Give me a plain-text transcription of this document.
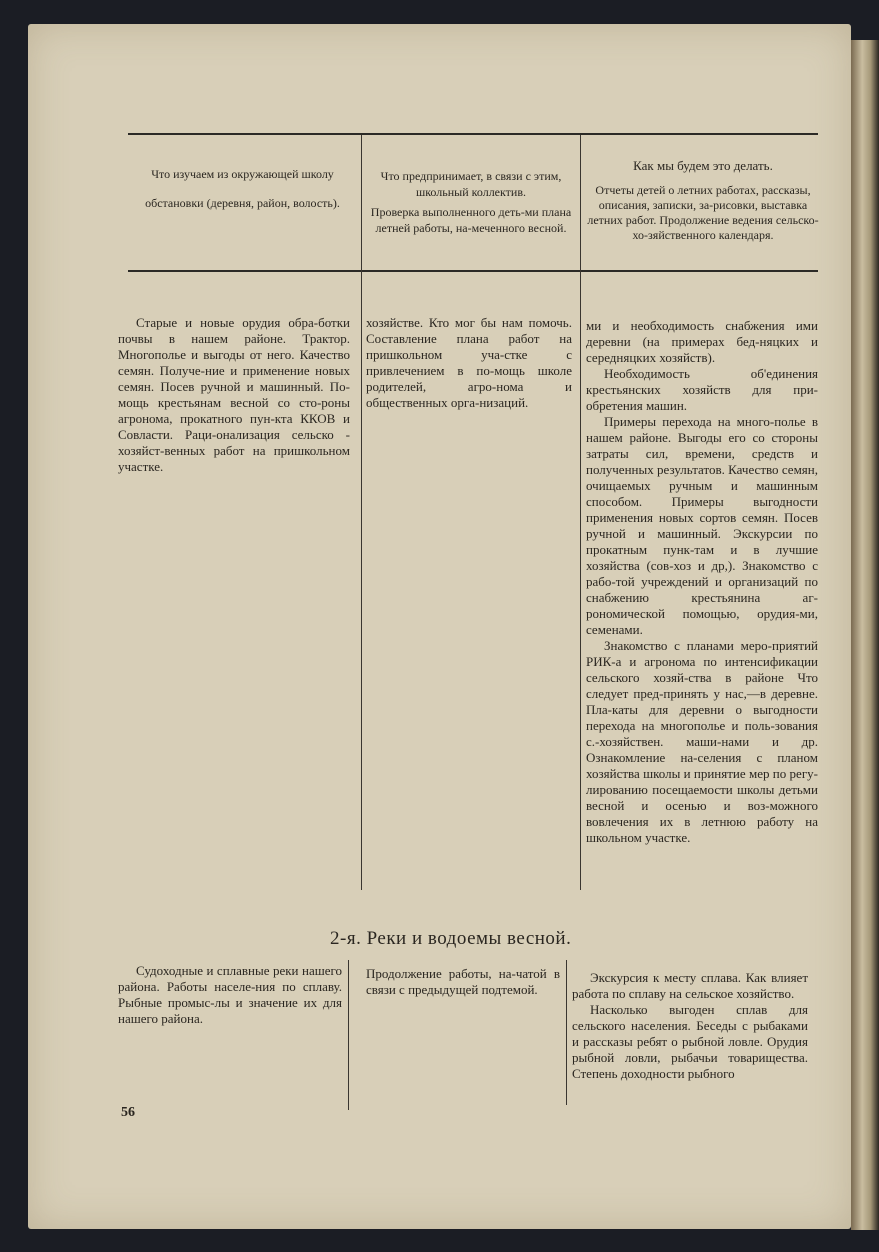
Что изучаем из окружающей школу обстановки (деревня, район, волость).

Что предпринимает, в связи с этим, школьный коллектив.

Проверка выполненного деть-ми плана летней работы, на-меченного весной.

Как мы будем это делать.

Отчеты детей о летних работах, рассказы, описания, записки, за-рисовки, выставка летних работ. Продолжение ведения сельско-хо-зяйственного календаря.

Старые и новые орудия обра-ботки почвы в нашем районе. Трактор. Многополье и выгоды от него. Качество семян. Получе-ние и применение новых семян. Посев ручной и машинный. По-мощь крестьянам весной со сто-роны агронома, прокатного пун-кта ККОВ и Совласти. Раци-онализация сельско - хозяйст-венных работ на пришкольном участке.
хозяйстве. Кто мог бы нам помочь. Составление плана работ на пришкольном уча-стке с привлечением в по-мощь школе родителей, агро-нома и общественных орга-низаций.

ми и необходимость снабжения ими деревни (на примерах бед-няцких и середняцких хозяйств).

Необходимость об'единения крестьянских хозяйств для при-обретения машин.

Примеры перехода на много-полье в нашем районе. Выгоды его со стороны затраты сил, времени, средств и полученных результатов. Качество семян, очищаемых ручным и машинным способом. Примеры выгодности применения новых сортов семян. Посев ручной и машинный. Экскурсии по прокатным пунк-там и в лучшие хозяйства (сов-хоз и др,). Знакомство с рабо-той учреждений и организаций по снабжению крестьянина аг-рономической помощью, орудия-ми, семенами.

Знакомство с планами меро-приятий РИК-а и агронома по интенсификации сельского хозяй-ства в районе Что следует пред-принять у нас,—в деревне. Пла-каты для деревни о выгодности перехода на многополье и поль-зования с.-хозяйствен. маши-нами и др. Ознакомление на-селения с планом хозяйства школы и принятие мер по регу-лированию посещаемости школы детьми весной и осенью и воз-можного вовлечения их в летнюю работу на школьном участке.

2-я. Реки и водоемы весной.
Судоходные и сплавные реки нашего района. Работы населе-ния по сплаву. Рыбные промыс-лы и значение их для нашего района.
Продолжение работы, на-чатой в связи с предыдущей подтемой.

Экскурсия к месту сплава. Как влияет работа по сплаву на сельское хозяйство.

Насколько выгоден сплав для сельского населения. Беседы с рыбаками и рассказы ребят о рыбной ловле. Орудия рыбной ловли, рыбачьи товарищества. Степень доходности рыбного

56
